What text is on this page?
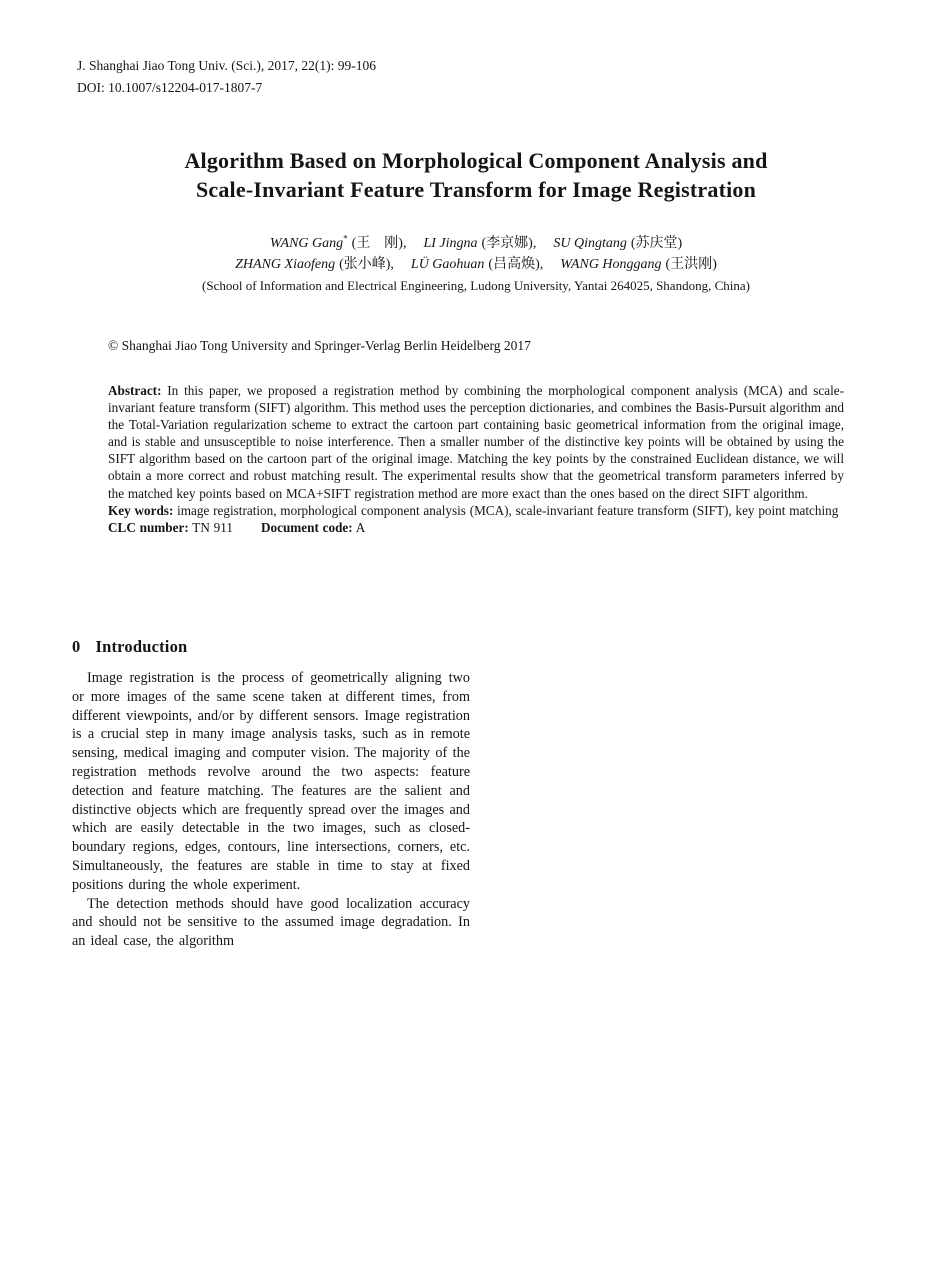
J. Shanghai Jiao Tong Univ. (Sci.), 2017, 22(1): 99-106
DOI: 10.1007/s12204-017-1807-7
Algorithm Based on Morphological Component Analysis and
Scale-Invariant Feature Transform for Image Registration
WANG Gang* (王　刚), LI Jingna (李京娜), SU Qingtang (苏庆堂)
ZHANG Xiaofeng (张小峰), LÜ Gaohuan (吕高焕), WANG Honggang (王洪刚)
(School of Information and Electrical Engineering, Ludong University, Yantai 264025, Shandong, China)
© Shanghai Jiao Tong University and Springer-Verlag Berlin Heidelberg 2017

Abstract: In this paper, we proposed a registration method by combining the morphological component analysis (MCA) and scale-invariant feature transform (SIFT) algorithm. This method uses the perception dictionaries, and combines the Basis-Pursuit algorithm and the Total-Variation regularization scheme to extract the cartoon part containing basic geometrical information from the original image, and is stable and unsusceptible to noise interference. Then a smaller number of the distinctive key points will be obtained by using the SIFT algorithm based on the cartoon part of the original image. Matching the key points by the constrained Euclidean distance, we will obtain a more correct and robust matching result. The experimental results show that the geometrical transform parameters inferred by the matched key points based on MCA+SIFT registration method are more exact than the ones based on the direct SIFT algorithm.

Key words: image registration, morphological component analysis (MCA), scale-invariant feature transform (SIFT), key point matching

CLC number: TN 911 Document code: A

0 Introduction

Image registration is the process of geometrically aligning two or more images of the same scene taken at different times, from different viewpoints, and/or by different sensors. Image registration is a crucial step in many image analysis tasks, such as in remote sensing, medical imaging and computer vision. The majority of the registration methods revolve around the two aspects: feature detection and feature matching. The features are the salient and distinctive objects which are frequently spread over the images and which are easily detectable in the two images, such as closed-boundary regions, edges, contours, line intersections, corners, etc. Simultaneously, the features are stable in time to stay at fixed positions during the whole experiment.

The detection methods should have good localization accuracy and should not be sensitive to the assumed image degradation. In an ideal case, the algorithm
